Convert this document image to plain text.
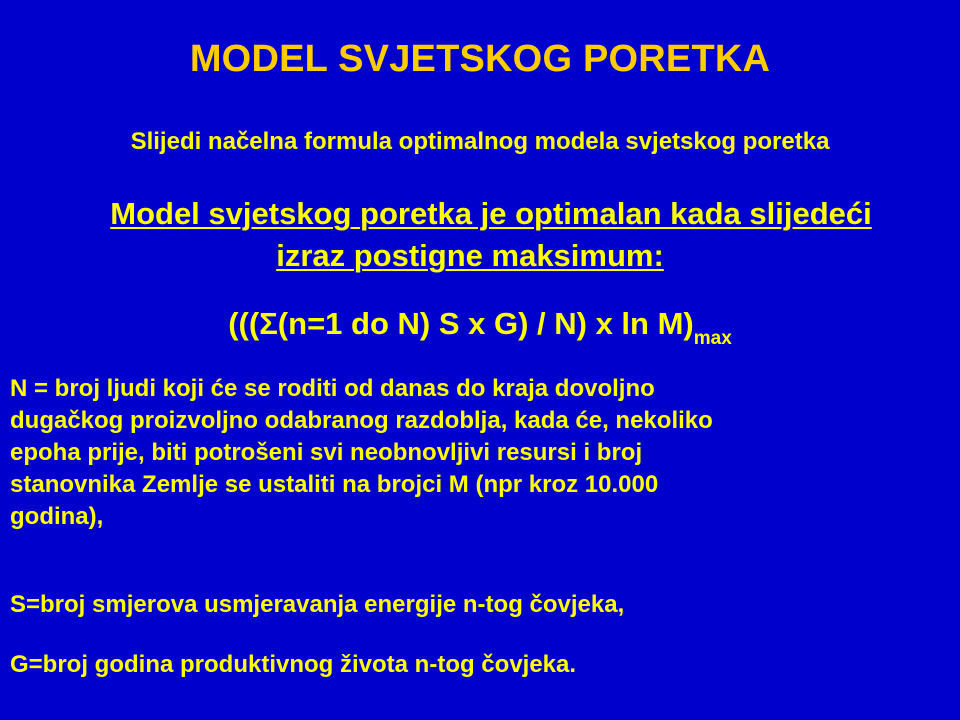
MODEL SVJETSKOG PORETKA
Slijedi načelna formula optimalnog modela svjetskog poretka
Model svjetskog poretka je optimalan kada slijedeći
izraz postigne maksimum:
(((Σ(n=1 do N) S x G) / N) x $\ln M)_{max}$
N = broj ljudi koji će se roditi od danas do kraja dovoljno
dugačkog proizvoljno odabranog razdoblja, kada će, nekoliko
epoha prije, biti potrošeni svi neobnovljivi resursi i broj
stanovnika Zemlje se ustaliti na brojci M (npr kroz 10.000
godina),
S=broj smjerova usmjeravanja energije n-tog čovjeka,
G=broj godina produktivnog života n-tog čovjeka.
